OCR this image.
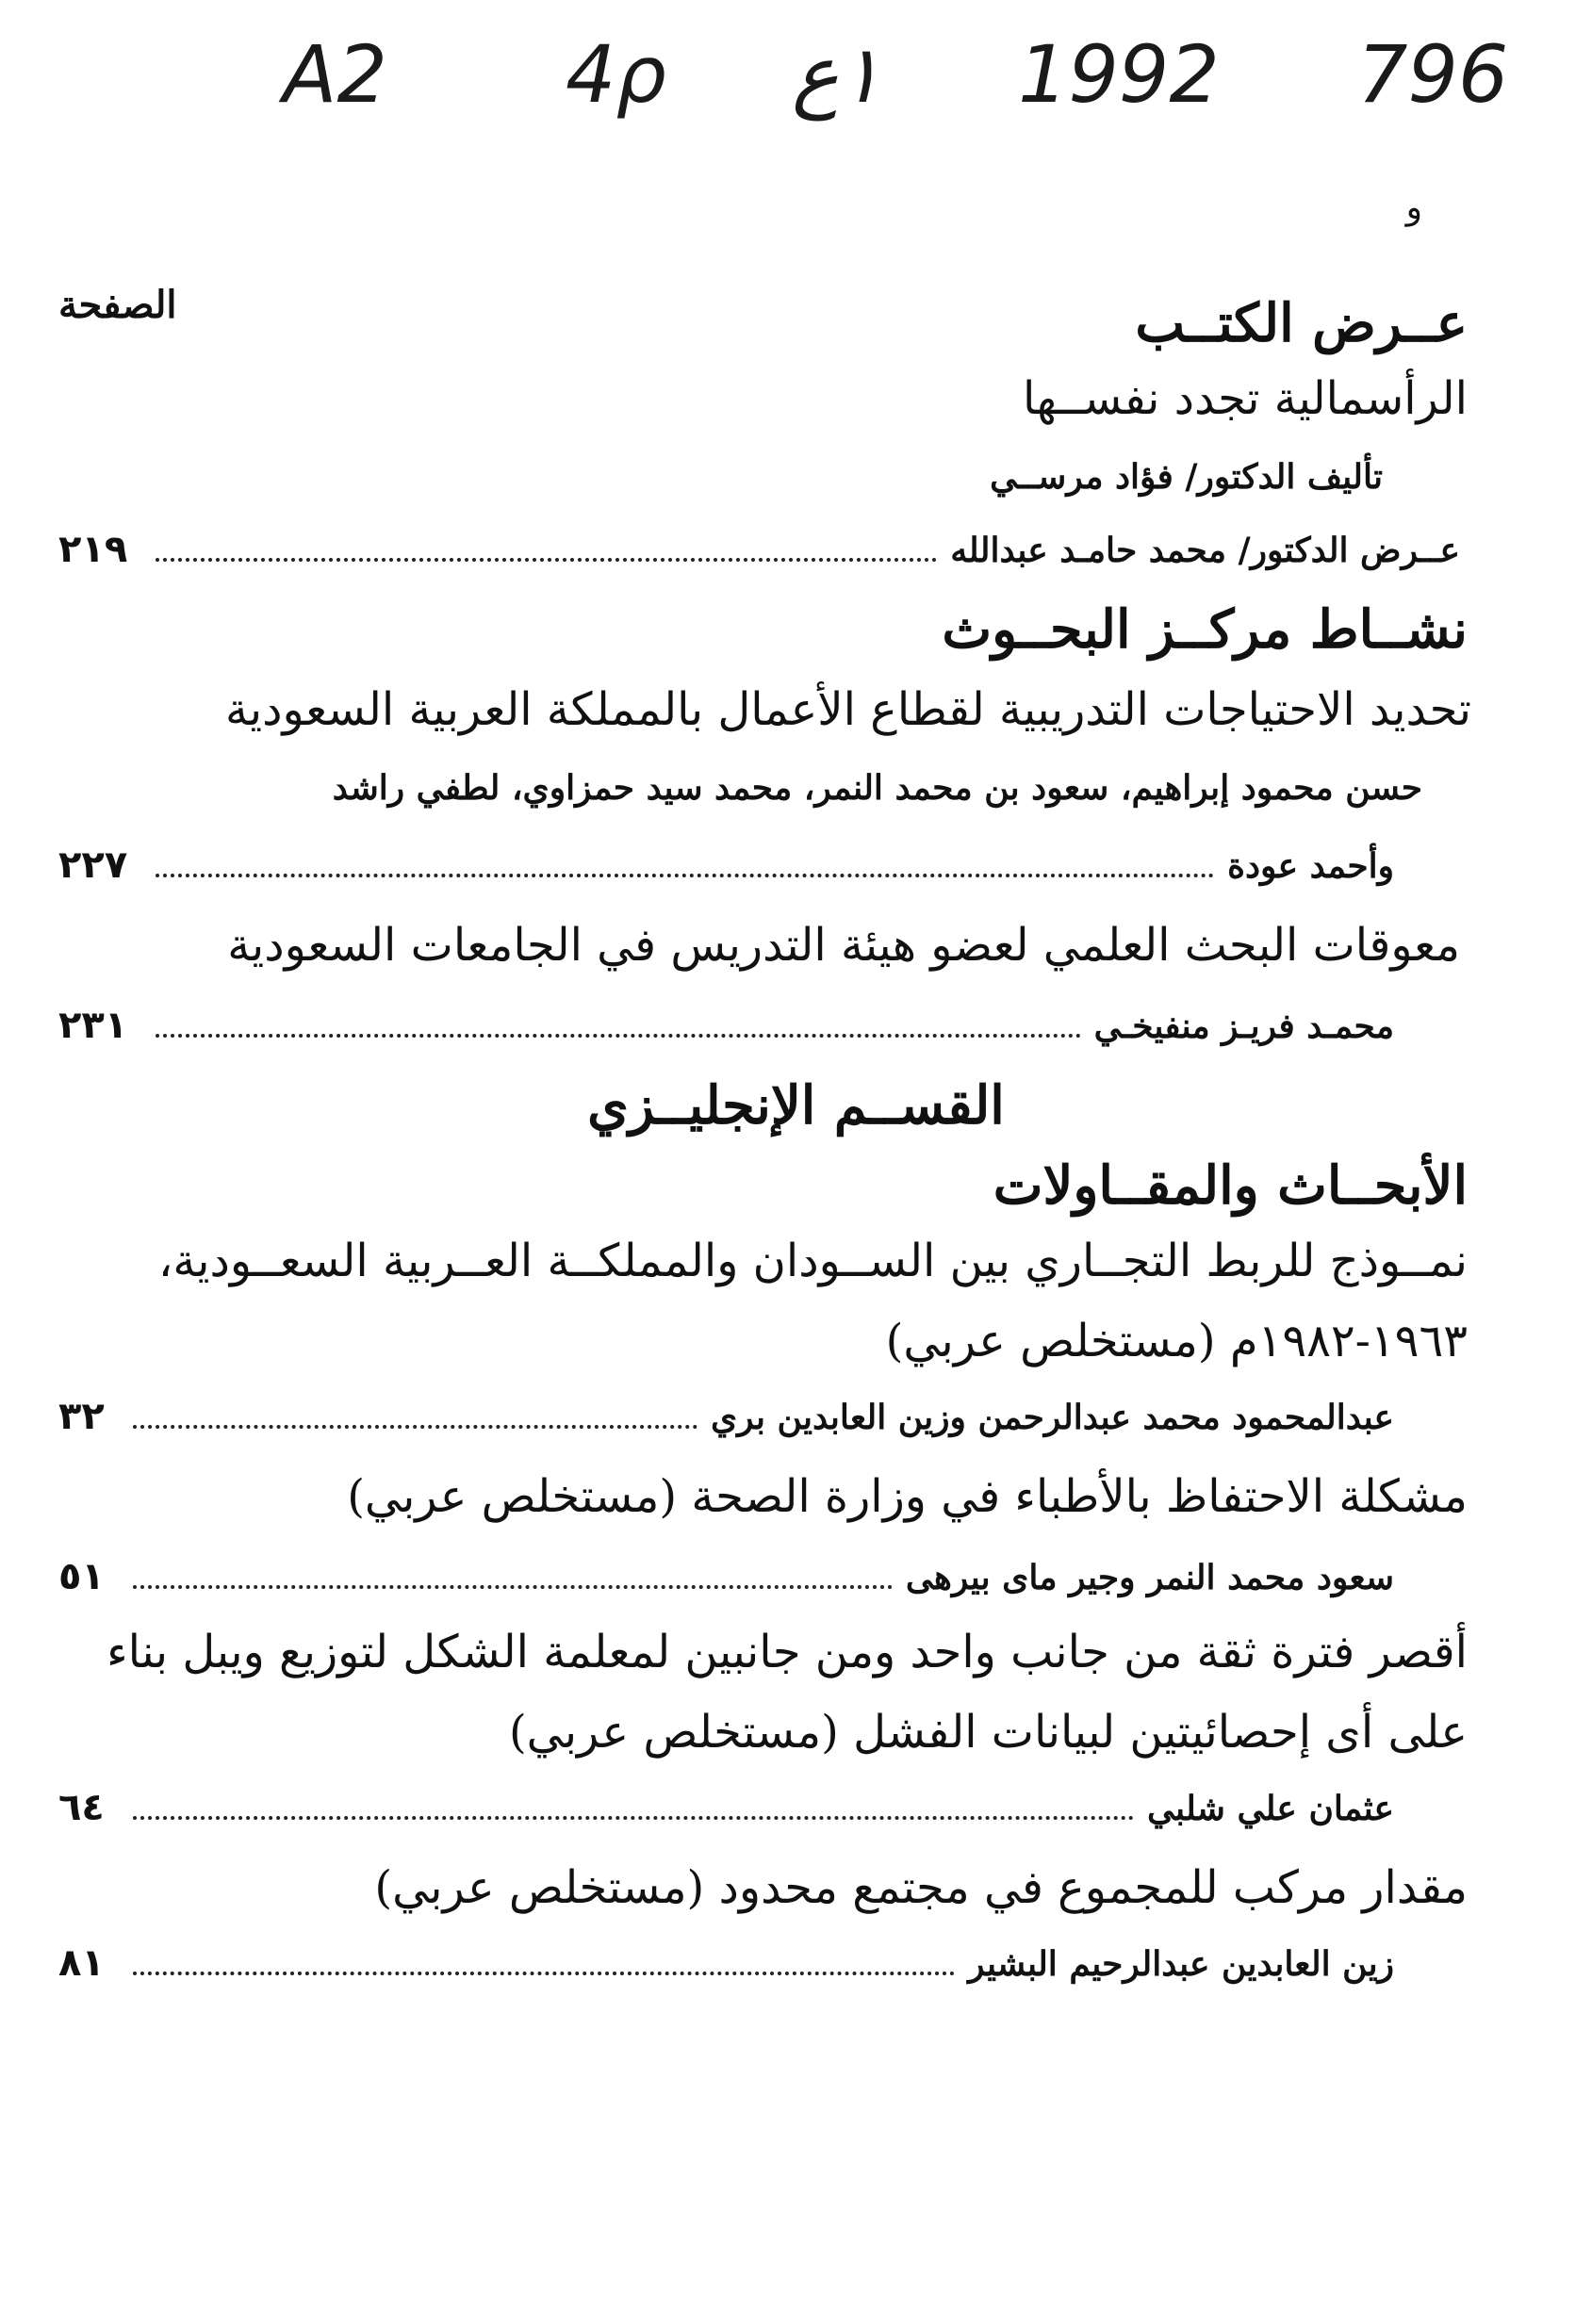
A2 4ρ ١ع 1992 796
و
الصفحة	عــرض الكتــب
الرأسمالية تجدد نفســها
تأليف الدكتور/ فؤاد مرســي
٢١٩	عــرض الدكتور/ محمد حامـد عبدالله
نشــاط مركــز البحــوث
تحديد الاحتياجات التدريبية لقطاع الأعمال بالمملكة العربية السعودية
حسن محمود إبراهيم، سعود بن محمد النمر، محمد سيد حمزاوي، لطفي راشد
٢٢٧	وأحمد عودة
معوقات البحث العلمي لعضو هيئة التدريس في الجامعات السعودية
٢٣١	محمـد فريـز منفيخـي
القســم الإنجليــزي
الأبحــاث والمقــاولات
نمــوذج للربط التجــاري بين الســودان والمملكــة العــربية السعــودية،
١٩٦٣-١٩٨٢م (مستخلص عربي)
٣٢	عبدالمحمود محمد عبدالرحمن وزين العابدين بري
مشكلة الاحتفاظ بالأطباء في وزارة الصحة (مستخلص عربي)
٥١	سعود محمد النمر وجير ماى بيرهى
أقصر فترة ثقة من جانب واحد ومن جانبين لمعلمة الشكل لتوزيع ويبل بناء
على أى إحصائيتين لبيانات الفشل (مستخلص عربي)
٦٤	عثمان علي شلبي
مقدار مركب للمجموع في مجتمع محدود (مستخلص عربي)
٨١	زين العابدين عبدالرحيم البشير
